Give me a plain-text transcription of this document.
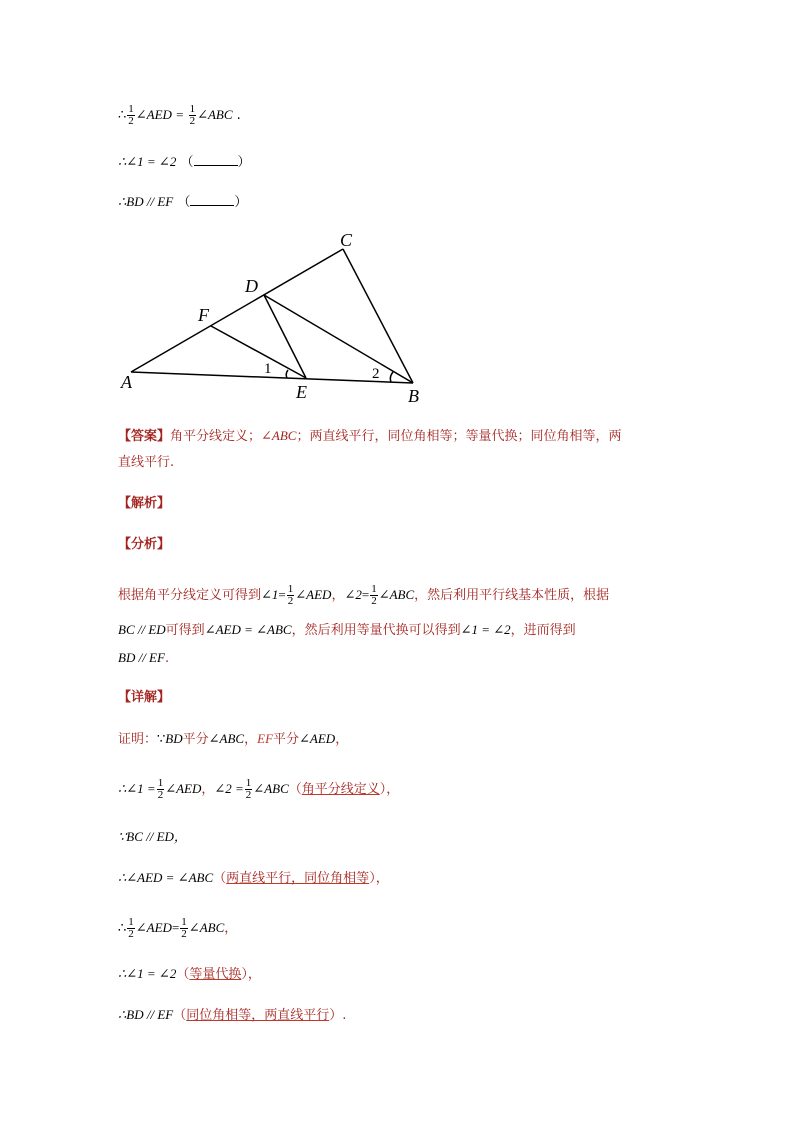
∴ $\frac{1}{2}$ ∠AED = $\frac{1}{2}$ ∠ABC .
∴∠1 = ∠2 （	）
∴BD // EF （	）
A
B
C
D
E
F
1	2
【答案】角平分线定义；∠ABC；两直线平行，同位角相等；等量代换；同位角相等，两
直线平行.
【解析】
【分析】
根据角平分线定义可得到∠1= $\frac{1}{2}$ ∠AED，∠2= $\frac{1}{2}$ ∠ABC，然后利用平行线基本性质，根据
BC // ED可得到∠AED = ∠ABC，然后利用等量代换可以得到∠1 = ∠2，进而得到
BD // EF.
【详解】
证明：∵BD平分∠ABC，EF平分∠AED，
∴∠1 = $\frac{1}{2}$ ∠AED，∠2 = $\frac{1}{2}$ ∠ABC（角平分线定义），
∵BC // ED，
∴∠AED = ∠ABC（两直线平行，同位角相等），
∴ $\frac{1}{2}$ ∠AED= $\frac{1}{2}$ ∠ABC，
∴∠1 = ∠2（等量代换），
∴BD // EF（同位角相等，两直线平行）.
